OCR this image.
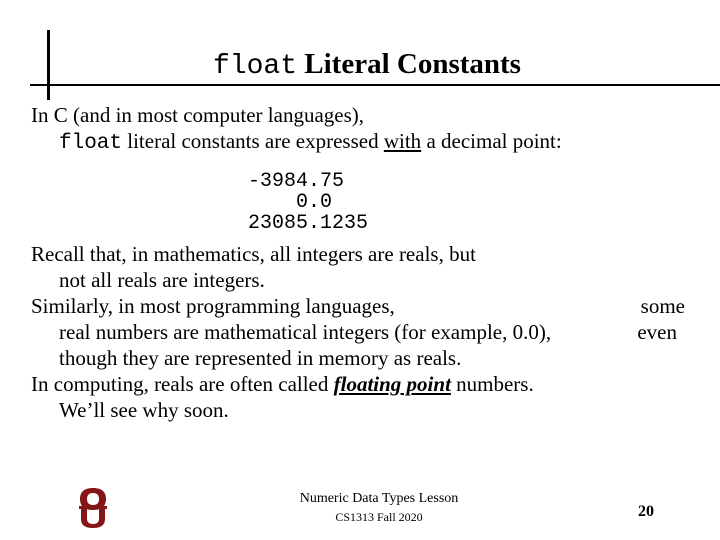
float Literal Constants
In C (and in most computer languages),
float literal constants are expressed with a decimal point:
-3984.75
0.0
23085.1235
Recall that, in mathematics, all integers are reals, but
not all reals are integers.
Similarly, in most programming languages,	some
real numbers are mathematical integers (for example, 0.0),	even
though they are represented in memory as reals.
In computing, reals are often called floating point numbers.
We’ll see why soon.
Numeric Data Types Lesson
CS1313 Fall 2020	20
